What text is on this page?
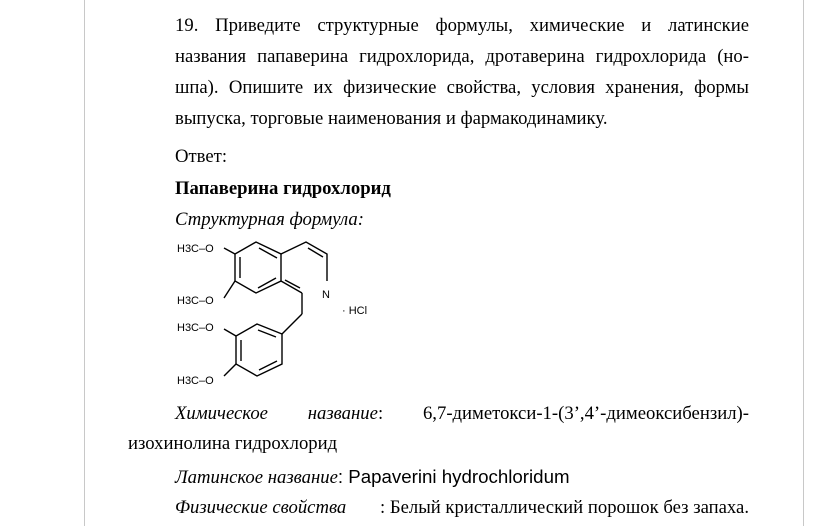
19. Приведите структурные формулы, химические и латинские названия папаверина гидрохлорида, дротаверина гидрохлорида (но-шпа). Опишите их физические свойства, условия хранения, формы выпуска, торговые наименования и фармакодинамику.

Ответ:
Папаверина гидрохлорид
Структурная формула:
H3C–O
H3C–O
H3C–O
H3C–O
N
· HCl
Химическое название: 6,7-диметокси-1-(3’,4’-димеоксибензил)-
изохинолина гидрохлорид
Латинское название: Papaverini hydrochloridum
Физические свойства : Белый кристаллический порошок без запаха.
